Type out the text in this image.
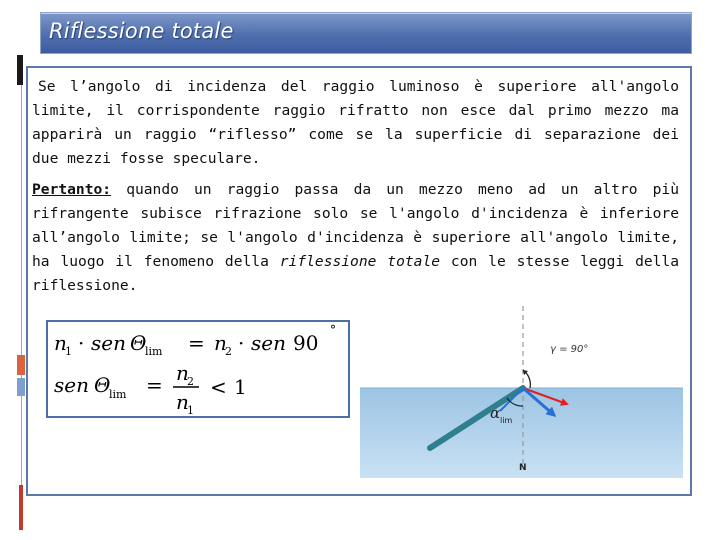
Riflessione totale

Se l’angolo di incidenza del raggio luminoso è superiore all'angolo limite, il corrispondente raggio rifratto non esce dal primo mezzo ma apparirà un raggio “riflesso” come se la superficie di separazione dei due mezzi fosse speculare.

Pertanto: quando un raggio passa da un mezzo meno ad un altro più rifrangente subisce rifrazione solo se l'angolo d'incidenza è inferiore all’angolo limite; se l'angolo d'incidenza è superiore all'angolo limite, ha luogo il fenomeno della riflessione totale con le stesse leggi della riflessione.

n
1 · sen Θ
lim = n
2 · sen 90
°
sen Θ
lim = n
2
n
1
< 1
γ = 90°
α lim
N
